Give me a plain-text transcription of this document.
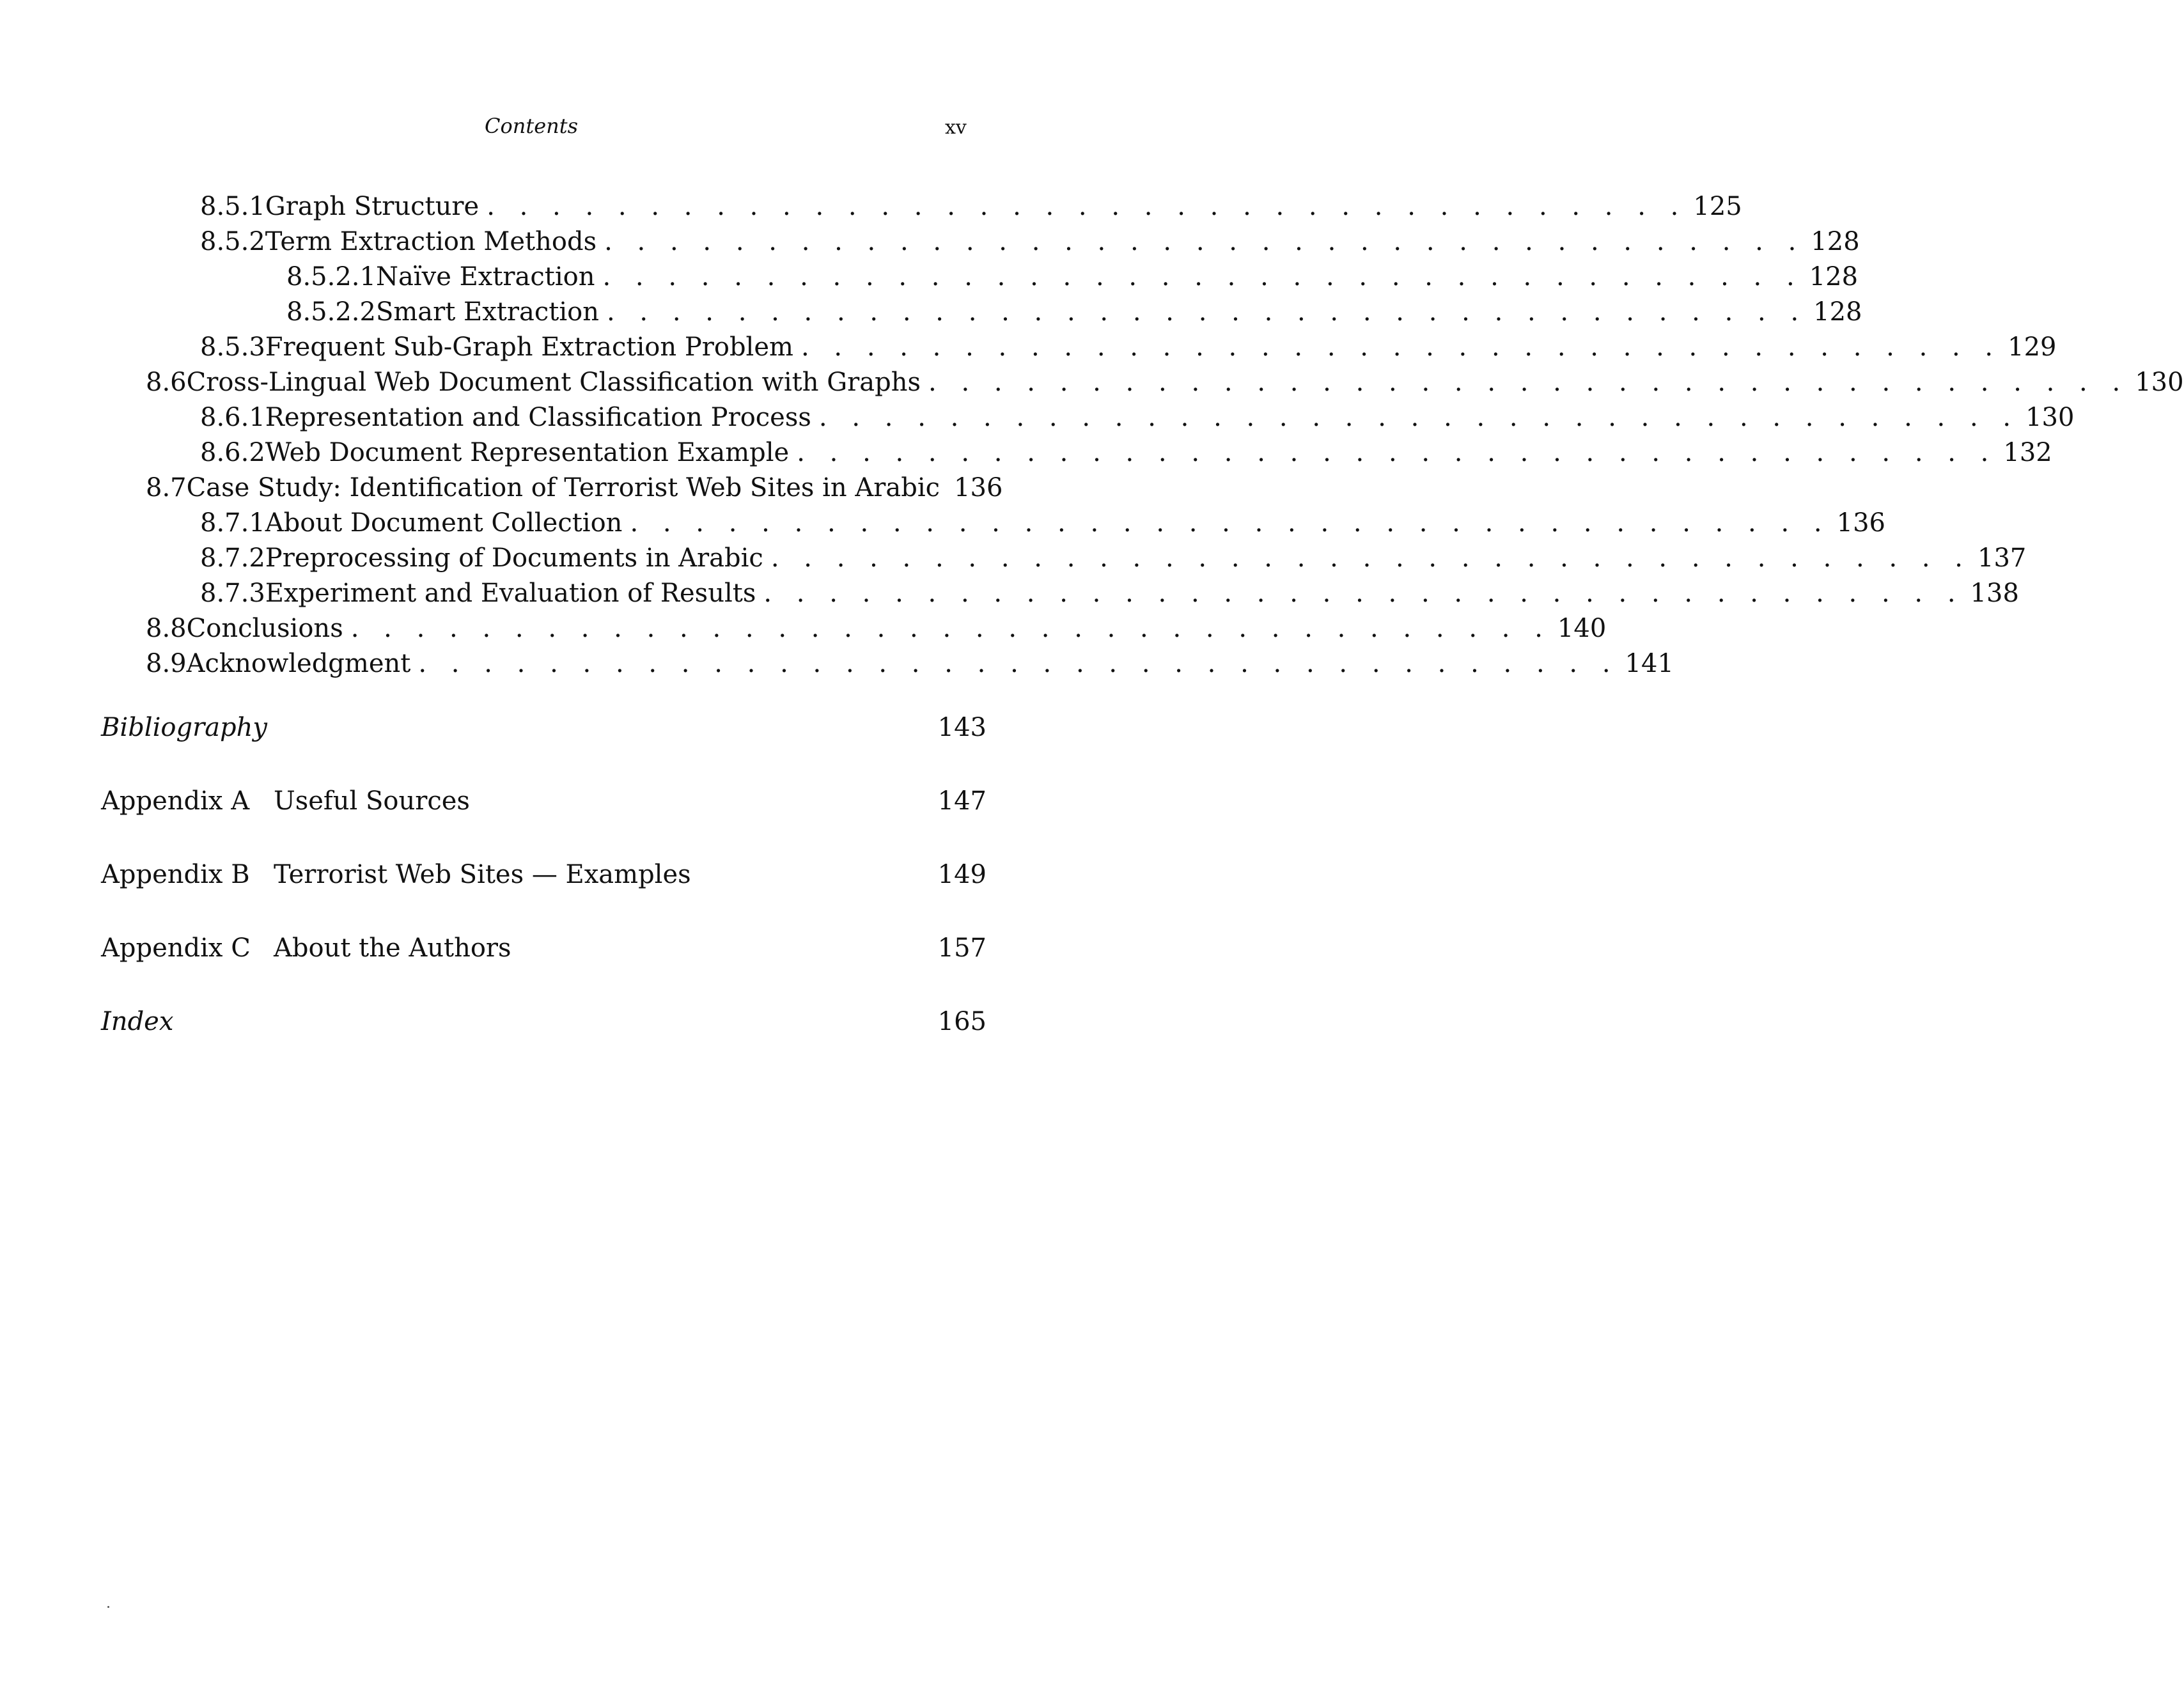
Contents	xv
8.5.1 Graph Structure . . . . . . . . . . . . . . . . . . . . . . . . . . . . . . . . . . . . . 125
8.5.2 Term Extraction Methods . . . . . . . . . . . . . . . . . . . . . . . . . . . . . . . . . . . . . 128
8.5.2.1 Naïve Extraction . . . . . . . . . . . . . . . . . . . . . . . . . . . . . . . . . . . . . 128
8.5.2.2 Smart Extraction . . . . . . . . . . . . . . . . . . . . . . . . . . . . . . . . . . . . . 128
8.5.3 Frequent Sub-Graph Extraction Problem . . . . . . . . . . . . . . . . . . . . . . . . . . . . . . . . . . . . . 129
8.6 Cross-Lingual Web Document Classification with Graphs . . . . . . . . . . . . . . . . . . . . . . . . . . . . . . . . . . . . . 130
8.6.1 Representation and Classification Process . . . . . . . . . . . . . . . . . . . . . . . . . . . . . . . . . . . . . 130
8.6.2 Web Document Representation Example . . . . . . . . . . . . . . . . . . . . . . . . . . . . . . . . . . . . . 132
8.7 Case Study: Identification of Terrorist Web Sites in Arabic 136
8.7.1 About Document Collection . . . . . . . . . . . . . . . . . . . . . . . . . . . . . . . . . . . . . 136
8.7.2 Preprocessing of Documents in Arabic . . . . . . . . . . . . . . . . . . . . . . . . . . . . . . . . . . . . . 137
8.7.3 Experiment and Evaluation of Results . . . . . . . . . . . . . . . . . . . . . . . . . . . . . . . . . . . . . 138
8.8 Conclusions . . . . . . . . . . . . . . . . . . . . . . . . . . . . . . . . . . . . . 140
8.9 Acknowledgment . . . . . . . . . . . . . . . . . . . . . . . . . . . . . . . . . . . . . 141
Bibliography	143
Appendix A Useful Sources	147
Appendix B Terrorist Web Sites — Examples	149
Appendix C About the Authors	157
Index	165
